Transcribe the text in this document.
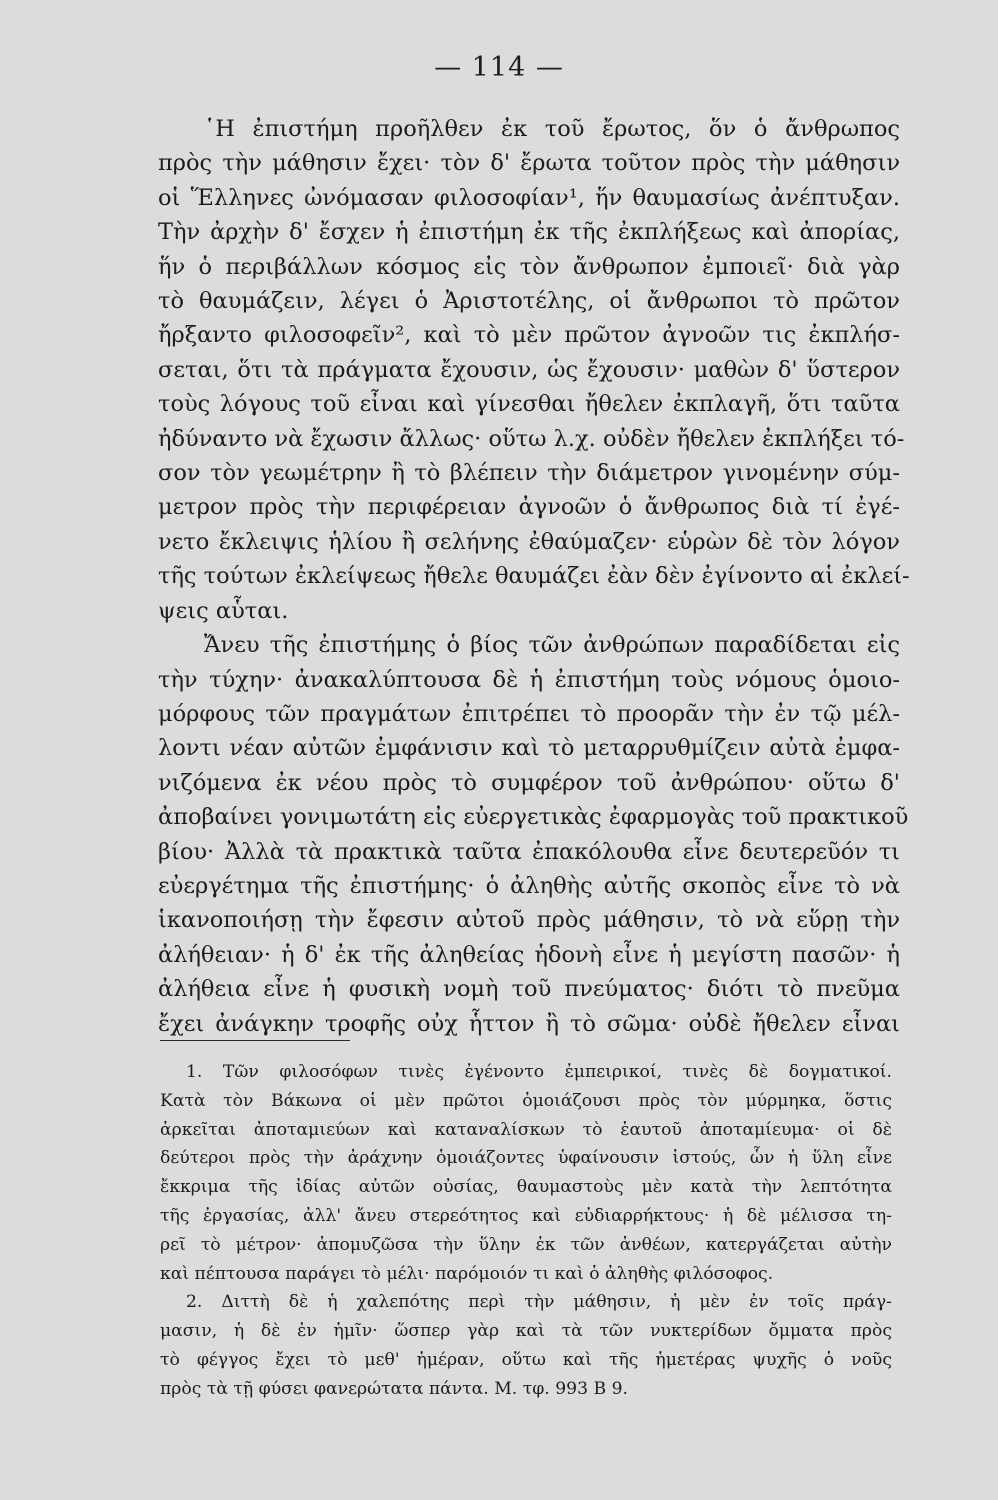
— 114 —
῾Η ἐπιστήμη προῆλθεν ἐκ τοῦ ἔρωτος, ὅν ὁ ἄνθρωπος
πρὸς τὴν μάθησιν ἔχει· τὸν δ' ἔρωτα τοῦτον πρὸς τὴν μάθησιν
οἱ Ἕλληνες ὠνόμασαν φιλοσοφίαν¹, ἥν θαυμασίως ἀνέπτυξαν.
Τὴν ἀρχὴν δ' ἔσχεν ἡ ἐπιστήμη ἐκ τῆς ἐκπλήξεως καὶ ἀπορίας,
ἥν ὁ περιβάλλων κόσμος εἰς τὸν ἄνθρωπον ἐμποιεῖ· διὰ γὰρ
τὸ θαυμάζειν, λέγει ὁ Ἀριστοτέλης, οἱ ἄνθρωποι τὸ πρῶτον
ἤρξαντο φιλοσοφεῖν², καὶ τὸ μὲν πρῶτον ἀγνοῶν τις ἐκπλήσ-
σεται, ὅτι τὰ πράγματα ἔχουσιν, ὡς ἔχουσιν· μαθὼν δ' ὕστερον
τοὺς λόγους τοῦ εἶναι καὶ γίνεσθαι ἤθελεν ἐκπλαγῆ, ὅτι ταῦτα
ἠδύναντο νὰ ἔχωσιν ἄλλως· οὕτω λ.χ. οὐδὲν ἤθελεν ἐκπλήξει τό-
σον τὸν γεωμέτρην ἢ τὸ βλέπειν τὴν διάμετρον γινομένην σύμ-
μετρον πρὸς τὴν περιφέρειαν ἀγνοῶν ὁ ἄνθρωπος διὰ τί ἐγέ-
νετο ἔκλειψις ἡλίου ἢ σελήνης ἐθαύμαζεν· εὑρὼν δὲ τὸν λόγον
τῆς τούτων ἐκλείψεως ἤθελε θαυμάζει ἐὰν δὲν ἐγίνοντο αἱ ἐκλεί-
ψεις αὗται.
Ἄνευ τῆς ἐπιστήμης ὁ βίος τῶν ἀνθρώπων παραδίδεται εἰς
τὴν τύχην· ἀνακαλύπτουσα δὲ ἡ ἐπιστήμη τοὺς νόμους ὁμοιο-
μόρφους τῶν πραγμάτων ἐπιτρέπει τὸ προορᾶν τὴν ἐν τῷ μέλ-
λοντι νέαν αὐτῶν ἐμφάνισιν καὶ τὸ μεταρρυθμίζειν αὐτὰ ἐμφα-
νιζόμενα ἐκ νέου πρὸς τὸ συμφέρον τοῦ ἀνθρώπου· οὕτω δ'
ἀποβαίνει γονιμωτάτη εἰς εὐεργετικὰς ἐφαρμογὰς τοῦ πρακτικοῦ
βίου· Ἀλλὰ τὰ πρακτικὰ ταῦτα ἐπακόλουθα εἶνε δευτερεῦόν τι
εὐεργέτημα τῆς ἐπιστήμης· ὁ ἀληθὴς αὐτῆς σκοπὸς εἶνε τὸ νὰ
ἱκανοποιήσῃ τὴν ἔφεσιν αὐτοῦ πρὸς μάθησιν, τὸ νὰ εὕρῃ τὴν
ἀλήθειαν· ἡ δ' ἐκ τῆς ἀληθείας ἡδονὴ εἶνε ἡ μεγίστη πασῶν· ἡ
ἀλήθεια εἶνε ἡ φυσικὴ νομὴ τοῦ πνεύματος· διότι τὸ πνεῦμα
ἔχει ἀνάγκην τροφῆς οὐχ ἧττον ἢ τὸ σῶμα· οὐδὲ ἤθελεν εἶναι
1. Τῶν φιλοσόφων τινὲς ἐγένοντο ἐμπειρικοί, τινὲς δὲ δογματικοί.
Κατὰ τὸν Βάκωνα οἱ μὲν πρῶτοι ὁμοιάζουσι πρὸς τὸν μύρμηκα, ὅστις
ἀρκεῖται ἀποταμιεύων καὶ καταναλίσκων τὸ ἑαυτοῦ ἀποταμίευμα· οἱ δὲ
δεύτεροι πρὸς τὴν ἀράχνην ὁμοιάζοντες ὑφαίνουσιν ἱστούς, ὧν ἡ ὕλη εἶνε
ἔκκριμα τῆς ἰδίας αὐτῶν οὐσίας, θαυμαστοὺς μὲν κατὰ τὴν λεπτότητα
τῆς ἐργασίας, ἀλλ' ἄνευ στερεότητος καὶ εὐδιαρρήκτους· ἡ δὲ μέλισσα τη-
ρεῖ τὸ μέτρον· ἀπομυζῶσα τὴν ὕλην ἐκ τῶν ἀνθέων, κατεργάζεται αὐτὴν
καὶ πέπτουσα παράγει τὸ μέλι· παρόμοιόν τι καὶ ὁ ἀληθὴς φιλόσοφος.
2. Διττὴ δὲ ἡ χαλεπότης περὶ τὴν μάθησιν, ἡ μὲν ἐν τοῖς πράγ-
μασιν, ἡ δὲ ἐν ἡμῖν· ὥσπερ γὰρ καὶ τὰ τῶν νυκτερίδων ὄμματα πρὸς
τὸ φέγγος ἔχει τὸ μεθ' ἡμέραν, οὕτω καὶ τῆς ἡμετέρας ψυχῆς ὁ νοῦς
πρὸς τὰ τῇ φύσει φανερώτατα πάντα. Μ. τφ. 993 Β 9.
